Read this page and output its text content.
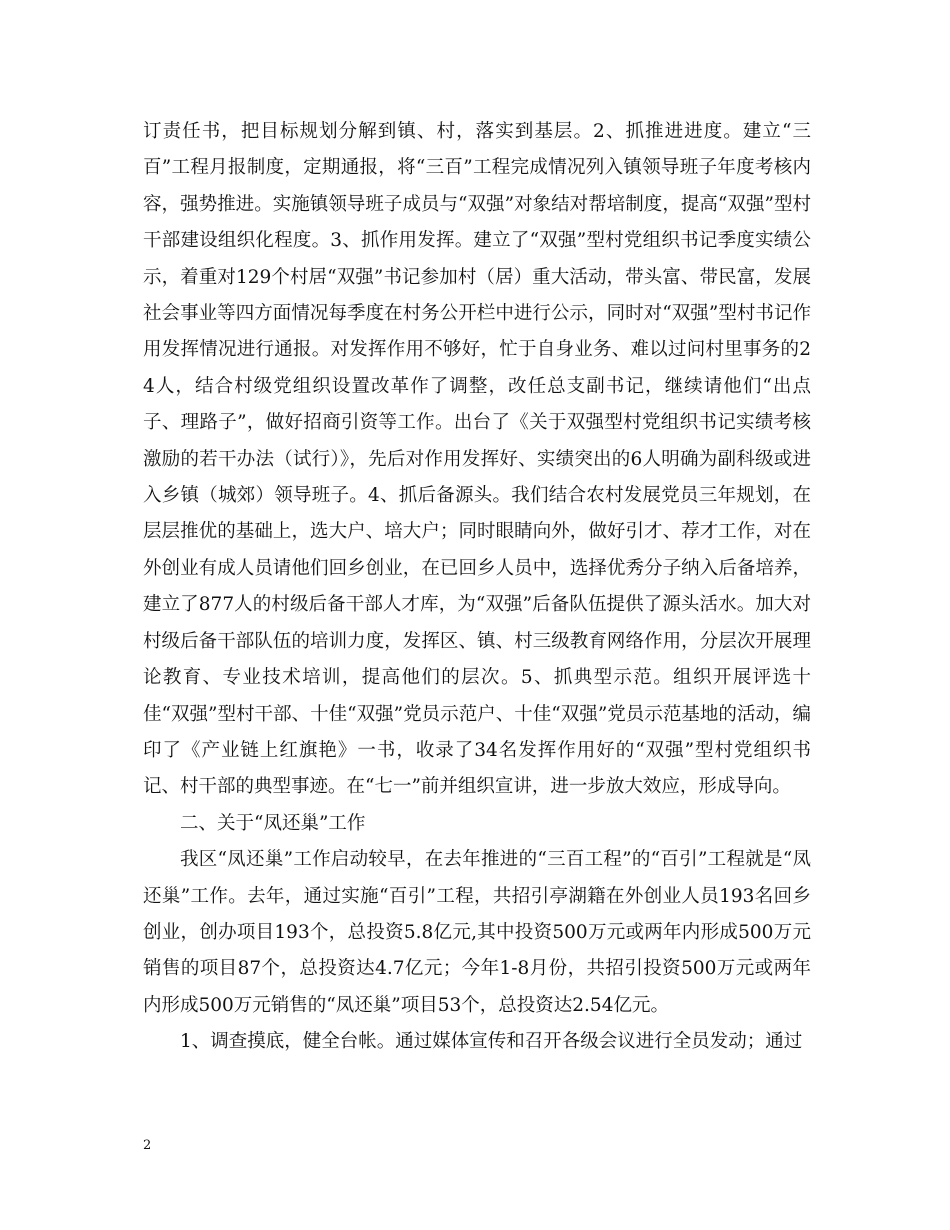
订责任书，把目标规划分解到镇、村，落实到基层。2、抓推进进度。建立“三百”工程月报制度，定期通报，将“三百”工程完成情况列入镇领导班子年度考核内容，强势推进。实施镇领导班子成员与“双强”对象结对帮培制度，提高“双强”型村干部建设组织化程度。3、抓作用发挥。建立了“双强”型村党组织书记季度实绩公示，着重对129个村居“双强”书记参加村（居）重大活动，带头富、带民富，发展社会事业等四方面情况每季度在村务公开栏中进行公示，同时对“双强”型村书记作用发挥情况进行通报。对发挥作用不够好，忙于自身业务、难以过问村里事务的24人，结合村级党组织设置改革作了调整，改任总支副书记，继续请他们“出点子、理路子”，做好招商引资等工作。出台了《关于双强型村党组织书记实绩考核激励的若干办法（试行）》，先后对作用发挥好、实绩突出的6人明确为副科级或进入乡镇（城郊）领导班子。4、抓后备源头。我们结合农村发展党员三年规划，在层层推优的基础上，选大户、培大户；同时眼睛向外，做好引才、荐才工作，对在外创业有成人员请他们回乡创业，在已回乡人员中，选择优秀分子纳入后备培养，建立了877人的村级后备干部人才库，为“双强”后备队伍提供了源头活水。加大对村级后备干部队伍的培训力度，发挥区、镇、村三级教育网络作用，分层次开展理论教育、专业技术培训，提高他们的层次。5、抓典型示范。组织开展评选十佳“双强”型村干部、十佳“双强”党员示范户、十佳“双强”党员示范基地的活动，编印了《产业链上红旗艳》一书，收录了34名发挥作用好的“双强”型村党组织书记、村干部的典型事迹。在“七一”前并组织宣讲，进一步放大效应，形成导向。

二、关于“凤还巢”工作

我区“凤还巢”工作启动较早，在去年推进的“三百工程”的“百引”工程就是“凤还巢”工作。去年，通过实施“百引”工程，共招引亭湖籍在外创业人员193名回乡创业，创办项目193个，总投资5.8亿元,其中投资500万元或两年内形成500万元销售的项目87个，总投资达4.7亿元；今年1-8月份，共招引投资500万元或两年内形成500万元销售的“凤还巢”项目53个，总投资达2.54亿元。

1、调查摸底，健全台帐。通过媒体宣传和召开各级会议进行全员发动；通过

2
